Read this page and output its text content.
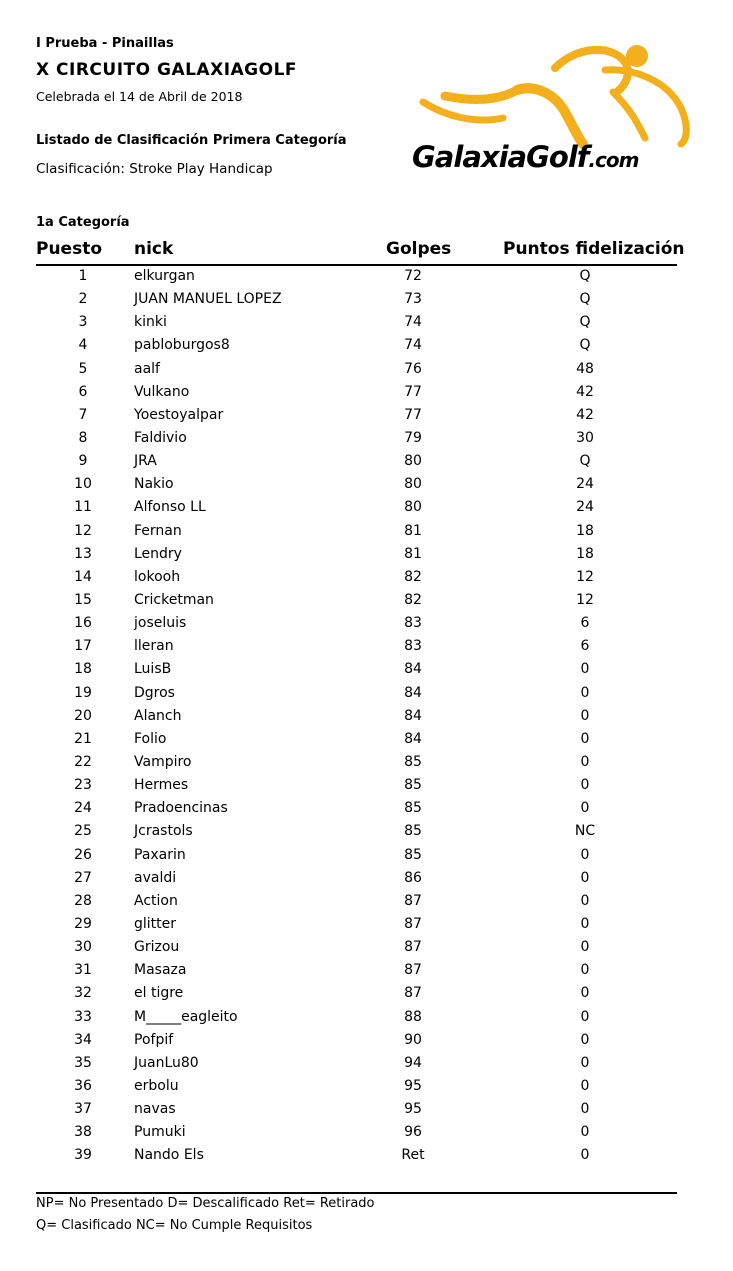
I Prueba - Pinaillas
X CIRCUITO GALAXIAGOLF
Celebrada el 14 de Abril de 2018
Listado de Clasificación Primera Categoría
Clasificación: Stroke Play Handicap	GalaxiaGolf.com
1a Categoría
Puesto nick	Golpes	Puntos fidelización
1	elkurgan	72	Q
2	JUAN MANUEL LOPEZ	73	Q
3	kinki	74	Q
4	pabloburgos8	74	Q
5	aalf	76	48
6	Vulkano	77	42
7	Yoestoyalpar	77	42
8	Faldivio	79	30
9	JRA	80	Q
10	Nakio	80	24
11	Alfonso LL	80	24
12	Fernan	81	18
13	Lendry	81	18
14	lokooh	82	12
15	Cricketman	82	12
16	joseluis	83	6
17	lleran	83	6
18	LuisB	84	0
19	Dgros	84	0
20	Alanch	84	0
21	Folio	84	0
22	Vampiro	85	0
23	Hermes	85	0
24	Pradoencinas	85	0
25	Jcrastols	85	NC
26	Paxarin	85	0
27	avaldi	86	0
28	Action	87	0
29	glitter	87	0
30	Grizou	87	0
31	Masaza	87	0
32	el tigre	87	0
33	M_____eagleito	88	0
34	Pofpif	90	0
35	JuanLu80	94	0
36	erbolu	95	0
37	navas	95	0
38	Pumuki	96	0
39	Nando Els	Ret	0
NP= No Presentado D= Descalificado Ret= Retirado
Q= Clasificado NC= No Cumple Requisitos
